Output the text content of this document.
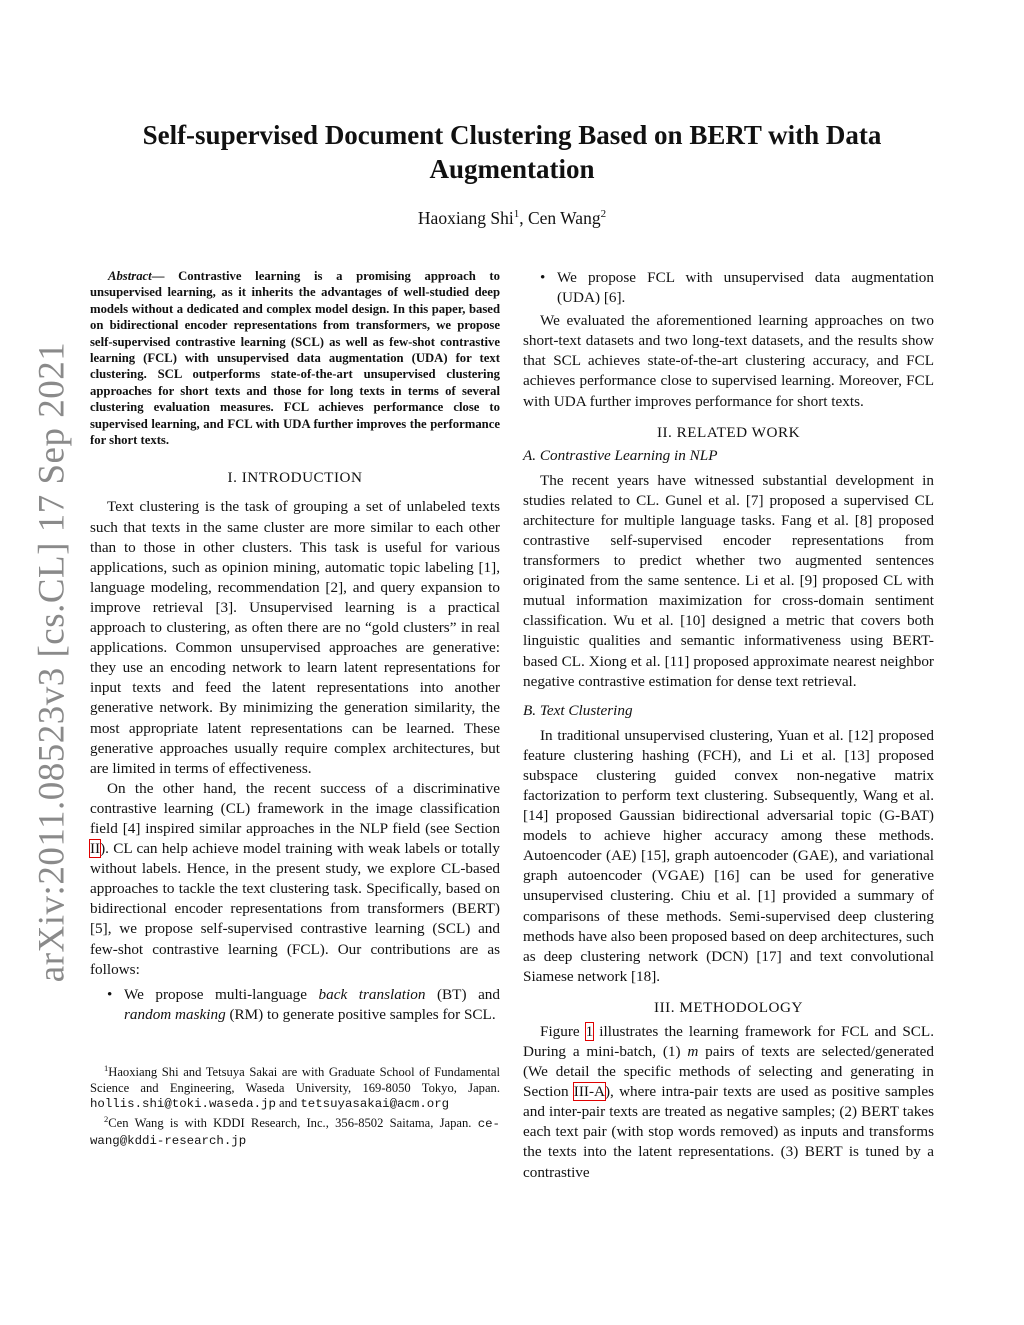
arXiv:2011.08523v3 [cs.CL] 17 Sep 2021
Self-supervised Document Clustering Based on BERT with Data Augmentation
Haoxiang Shi$^1$, Cen Wang$^2$

Abstract— Contrastive learning is a promising approach to unsupervised learning, as it inherits the advantages of well-studied deep models without a dedicated and complex model design. In this paper, based on bidirectional encoder representations from transformers, we propose self-supervised contrastive learning (SCL) as well as few-shot contrastive learning (FCL) with unsupervised data augmentation (UDA) for text clustering. SCL outperforms state-of-the-art unsupervised clustering approaches for short texts and those for long texts in terms of several clustering evaluation measures. FCL achieves performance close to supervised learning, and FCL with UDA further improves the performance for short texts.

I. INTRODUCTION

Text clustering is the task of grouping a set of unlabeled texts such that texts in the same cluster are more similar to each other than to those in other clusters. This task is useful for various applications, such as opinion mining, automatic topic labeling [1], language modeling, recommendation [2], and query expansion to improve retrieval [3]. Unsupervised learning is a practical approach to clustering, as often there are no “gold clusters” in real applications. Common unsupervised approaches are generative: they use an encoding network to learn latent representations for input texts and feed the latent representations into another generative network. By minimizing the generation similarity, the most appropriate latent representations can be learned. These generative approaches usually require complex architectures, but are limited in terms of effectiveness.

On the other hand, the recent success of a discriminative contrastive learning (CL) framework in the image classification field [4] inspired similar approaches in the NLP field (see Section II). CL can help achieve model training with weak labels or totally without labels. Hence, in the present study, we explore CL-based approaches to tackle the text clustering task. Specifically, based on bidirectional encoder representations from transformers (BERT) [5], we propose self-supervised contrastive learning (SCL) and few-shot contrastive learning (FCL). Our contributions are as follows:

• We propose multi-language back translation (BT) and random masking (RM) to generate positive samples for SCL.

$^1$Haoxiang Shi and Tetsuya Sakai are with Graduate School of Fundamental Science and Engineering, Waseda University, 169-8050 Tokyo, Japan. hollis.shi@toki.waseda.jp and tetsuyasakai@acm.org

$^2$Cen Wang is with KDDI Research, Inc., 356-8502 Saitama, Japan. ce-wang@kddi-research.jp

• We propose FCL with unsupervised data augmentation (UDA) [6].

We evaluated the aforementioned learning approaches on two short-text datasets and two long-text datasets, and the results show that SCL achieves state-of-the-art clustering accuracy, and FCL achieves performance close to supervised learning. Moreover, FCL with UDA further improves performance for short texts.

II. RELATED WORK

A. Contrastive Learning in NLP

The recent years have witnessed substantial development in studies related to CL. Gunel et al. [7] proposed a supervised CL architecture for multiple language tasks. Fang et al. [8] proposed contrastive self-supervised encoder representations from transformers to predict whether two augmented sentences originated from the same sentence. Li et al. [9] proposed CL with mutual information maximization for cross-domain sentiment classification. Wu et al. [10] designed a metric that covers both linguistic qualities and semantic informativeness using BERT-based CL. Xiong et al. [11] proposed approximate nearest neighbor negative contrastive estimation for dense text retrieval.

B. Text Clustering

In traditional unsupervised clustering, Yuan et al. [12] proposed feature clustering hashing (FCH), and Li et al. [13] proposed subspace clustering guided convex non-negative matrix factorization to perform text clustering. Subsequently, Wang et al. [14] proposed Gaussian bidirectional adversarial topic (G-BAT) models to achieve higher accuracy among these methods. Autoencoder (AE) [15], graph autoencoder (GAE), and variational graph autoencoder (VGAE) [16] can be used for generative unsupervised clustering. Chiu et al. [1] provided a summary of comparisons of these methods. Semi-supervised deep clustering methods have also been proposed based on deep architectures, such as deep clustering network (DCN) [17] and text convolutional Siamese network [18].

III. METHODOLOGY

Figure 1 illustrates the learning framework for FCL and SCL. During a mini-batch, (1) m pairs of texts are selected/generated (We detail the specific methods of selecting and generating in Section III-A), where intra-pair texts are used as positive samples and inter-pair texts are treated as negative samples; (2) BERT takes each text pair (with stop words removed) as inputs and transforms the texts into the latent representations. (3) BERT is tuned by a contrastive
